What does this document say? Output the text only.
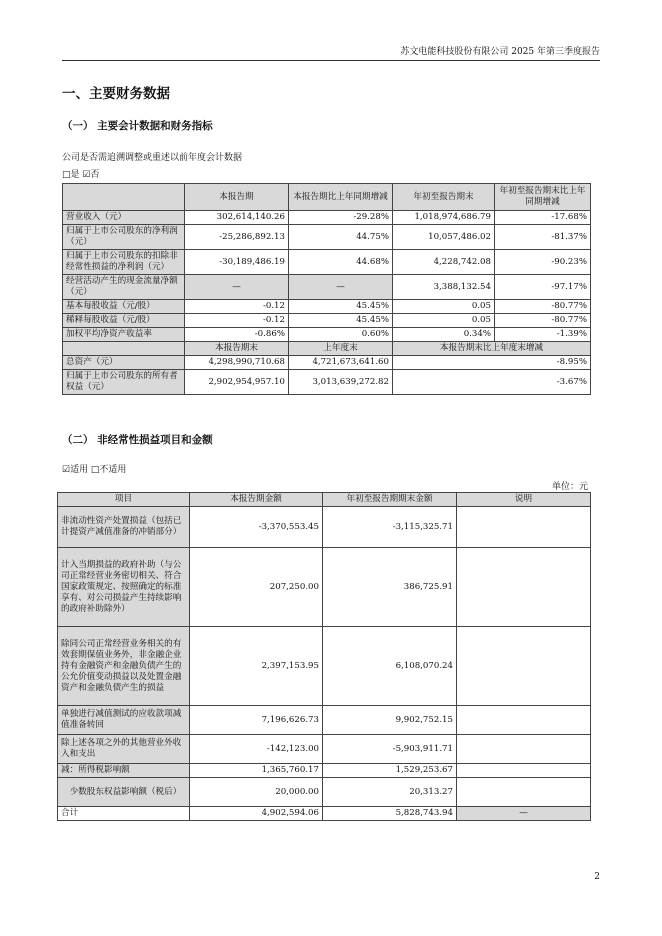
苏文电能科技股份有限公司 2025 年第三季度报告
一、主要财务数据
（一） 主要会计数据和财务指标
公司是否需追溯调整或重述以前年度会计数据
□是 ☑否
	本报告期	本报告期比上年同期增减	年初至报告期末	年初至报告期末比上年同期增减
营业收入（元）	302,614,140.26	-29.28%	1,018,974,686.79	-17.68%
归属于上市公司股东的净利润（元）	-25,286,892.13	44.75%	10,057,486.02	-81.37%
归属于上市公司股东的扣除非经常性损益的净利润（元）	-30,189,486.19	44.68%	4,228,742.08	-90.23%
经营活动产生的现金流量净额（元）	—	—	3,388,132.54	-97.17%
基本每股收益（元/股）	-0.12	45.45%	0.05	-80.77%
稀释每股收益（元/股）	-0.12	45.45%	0.05	-80.77%
加权平均净资产收益率	-0.86%	0.60%	0.34%	-1.39%
	本报告期末	上年度末	本报告期末比上年度末增减	
总资产（元）	4,298,990,710.68	4,721,673,641.60	-8.95%	
归属于上市公司股东的所有者权益（元）	2,902,954,957.10	3,013,639,272.82	-3.67%	
（二） 非经常性损益项目和金额
☑适用 □不适用
单位：元
项目	本报告期金额	年初至报告期期末金额	说明
非流动性资产处置损益（包括已计提资产减值准备的冲销部分）	-3,370,553.45	-3,115,325.71	
计入当期损益的政府补助（与公司正常经营业务密切相关、符合国家政策规定、按照确定的标准享有、对公司损益产生持续影响的政府补助除外）	207,250.00	386,725.91	
除同公司正常经营业务相关的有效套期保值业务外，非金融企业持有金融资产和金融负债产生的公允价值变动损益以及处置金融资产和金融负债产生的损益	2,397,153.95	6,108,070.24	
单独进行减值测试的应收款项减值准备转回	7,196,626.73	9,902,752.15	
除上述各项之外的其他营业外收入和支出	-142,123.00	-5,903,911.71	
减：所得税影响额	1,365,760.17	1,529,253.67	
　少数股东权益影响额（税后）	20,000.00	20,313.27	
合计	4,902,594.06	5,828,743.94	—
2
